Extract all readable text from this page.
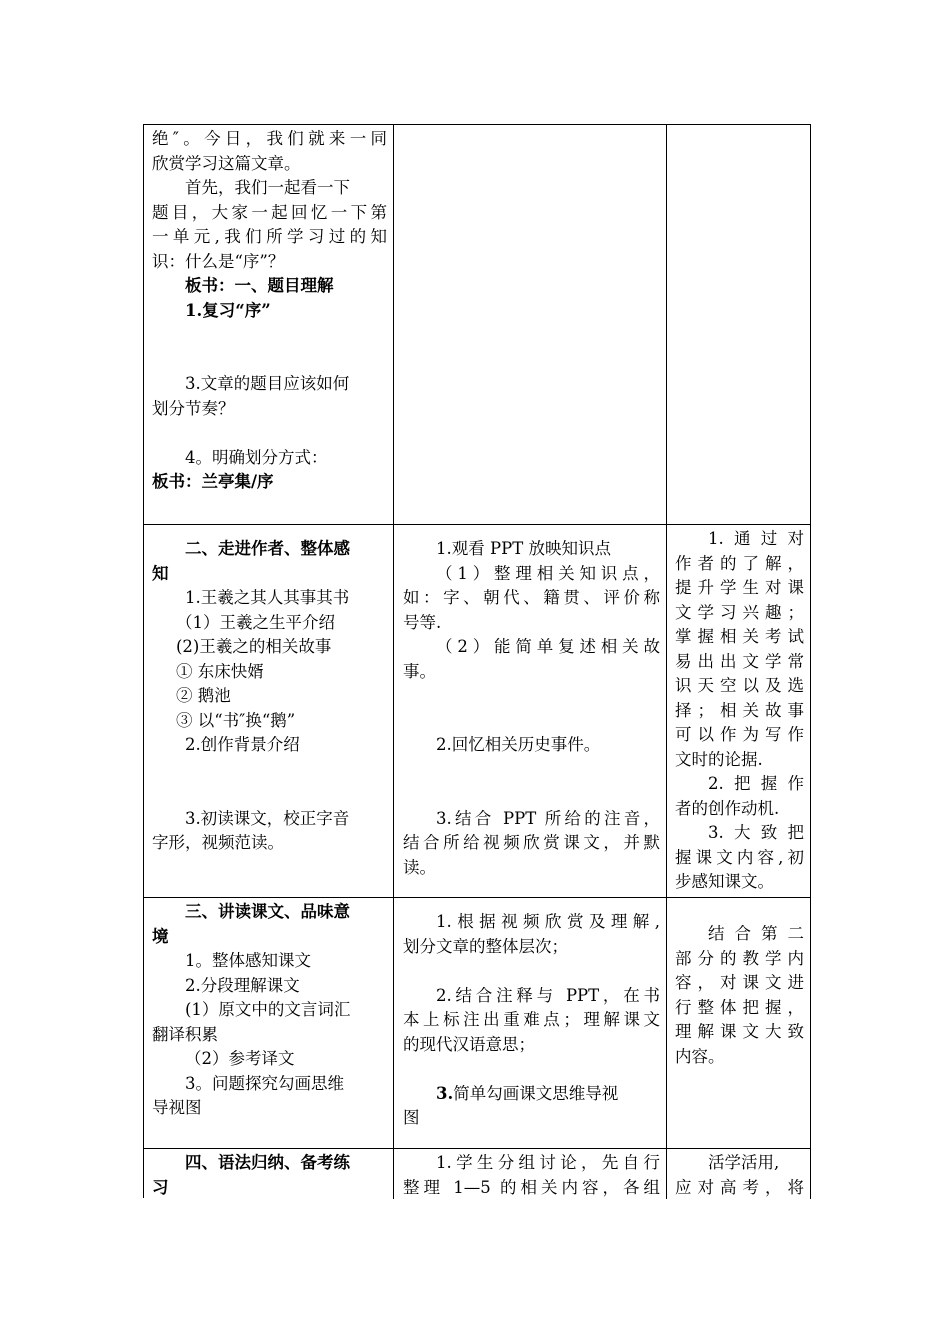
绝″。今日，我们就来一同
欣赏学习这篇文章。
首先，我们一起看一下
题目，大家一起回忆一下第
一单元,我们所学习过的知
识：什么是“序”？
板书：一、题目理解
1.复习“序”
3.文章的题目应该如何
划分节奏？
4。明确划分方式：
板书：兰亭集/序
二、走进作者、整体感
知
1.王羲之其人其事其书
（1）王羲之生平介绍
(2)王羲之的相关故事
① 东床快婿
② 鹅池
③ 以“书″换“鹅”
2.创作背景介绍
3.初读课文，校正字音
字形，视频范读。
1.观看 PPT 放映知识点
（1）整理相关知识点，
如：字、朝代、籍贯、评价称
号等.
（2）能简单复述相关故
事。
2.回忆相关历史事件。
3.结合 PPT 所给的注音，
结合所给视频欣赏课文，并默
读。
1.通过对
作者的了解，
提升学生对课
文学习兴趣；
掌握相关考试
易出出文学常
识天空以及选
择；相关故事
可以作为写作
文时的论据.
2.把握作
者的创作动机.
3.大致把
握课文内容,初
步感知课文。
三、讲读课文、品味意
境
1。整体感知课文
2.分段理解课文
(1）原文中的文言词汇
翻译积累
（2）参考译文
3。问题探究勾画思维
导视图
1.根据视频欣赏及理解,
划分文章的整体层次；
2.结合注释与 PPT，在书
本上标注出重难点；理解课文
的现代汉语意思；
3.简单勾画课文思维导视
图
结合第二
部分的教学内
容，对课文进
行整体把握，
理解课文大致
内容。
四、语法归纳、备考练
习
1.学生分组讨论，先自行
整理 1—5 的相关内容，各组
活学活用,
应对高考，将
